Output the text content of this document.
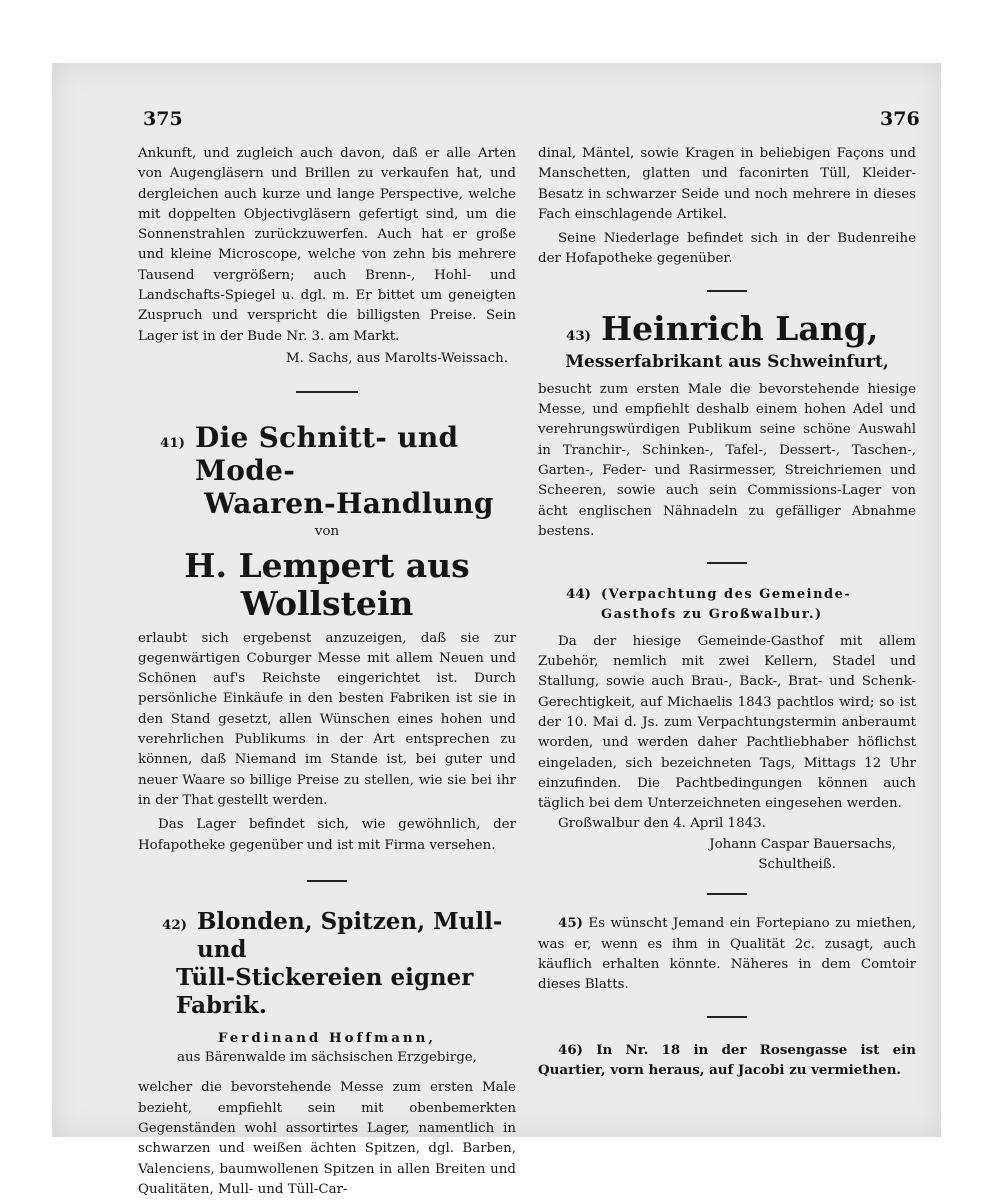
375	376

Ankunft, und zugleich auch davon, daß er alle Arten von Augengläsern und Brillen zu verkaufen hat, und dergleichen auch kurze und lange Perspective, welche mit doppelten Objectivgläsern gefertigt sind, um die Sonnenstrahlen zurückzuwerfen. Auch hat er große und kleine Microscope, welche von zehn bis mehrere Tausend vergrößern; auch Brenn-, Hohl- und Landschafts-Spiegel u. dgl. m. Er bittet um geneigten Zuspruch und verspricht die billigsten Preise. Sein Lager ist in der Bude Nr. 3. am Markt.

M. Sachs, aus Marolts-Weissach.

41) Die Schnitt- und Mode-
Waaren-Handlung
von
H. Lempert aus Wollstein

erlaubt sich ergebenst anzuzeigen, daß sie zur gegenwärtigen Coburger Messe mit allem Neuen und Schönen auf's Reichste eingerichtet ist. Durch persönliche Einkäufe in den besten Fabriken ist sie in den Stand gesetzt, allen Wünschen eines hohen und verehrlichen Publikums in der Art entsprechen zu können, daß Niemand im Stande ist, bei guter und neuer Waare so billige Preise zu stellen, wie sie bei ihr in der That gestellt werden.

Das Lager befindet sich, wie gewöhnlich, der Hofapotheke gegenüber und ist mit Firma versehen.

42) Blonden, Spitzen, Mull- und
Tüll-Stickereien eigner Fabrik.
Ferdinand Hoffmann,
aus Bärenwalde im sächsischen Erzgebirge,

welcher die bevorstehende Messe zum ersten Male bezieht, empfiehlt sein mit obenbemerkten Gegenständen wohl assortirtes Lager, namentlich in schwarzen und weißen ächten Spitzen, dgl. Barben, Valenciens, baumwollenen Spitzen in allen Breiten und Qualitäten, Mull- und Tüll-Car-

dinal, Mäntel, sowie Kragen in beliebigen Façons und Manschetten, glatten und faconirten Tüll, Kleider-Besatz in schwarzer Seide und noch mehrere in dieses Fach einschlagende Artikel.

Seine Niederlage befindet sich in der Budenreihe der Hofapotheke gegenüber.

43) Heinrich Lang,
Messerfabrikant aus Schweinfurt,

besucht zum ersten Male die bevorstehende hiesige Messe, und empfiehlt deshalb einem hohen Adel und verehrungswürdigen Publikum seine schöne Auswahl in Tranchir-, Schinken-, Tafel-, Dessert-, Taschen-, Garten-, Feder- und Rasirmesser, Streichriemen und Scheeren, sowie auch sein Commissions-Lager von ächt englischen Nähnadeln zu gefälliger Abnahme bestens.

44) (Verpachtung des Gemeinde-Gasthofs zu Großwalbur.)

Da der hiesige Gemeinde-Gasthof mit allem Zubehör, nemlich mit zwei Kellern, Stadel und Stallung, sowie auch Brau-, Back-, Brat- und Schenk-Gerechtigkeit, auf Michaelis 1843 pachtlos wird; so ist der 10. Mai d. Js. zum Verpachtungstermin anberaumt worden, und werden daher Pachtliebhaber höflichst eingeladen, sich bezeichneten Tags, Mittags 12 Uhr einzufinden. Die Pachtbedingungen können auch täglich bei dem Unterzeichneten eingesehen werden.

Großwalbur den 4. April 1843.

Johann Caspar Bauersachs,

Schultheiß.

45) Es wünscht Jemand ein Fortepiano zu miethen, was er, wenn es ihm in Qualität 2c. zusagt, auch käuflich erhalten könnte. Näheres in dem Comtoir dieses Blatts.

46) In Nr. 18 in der Rosengasse ist ein Quartier, vorn heraus, auf Jacobi zu vermiethen.
